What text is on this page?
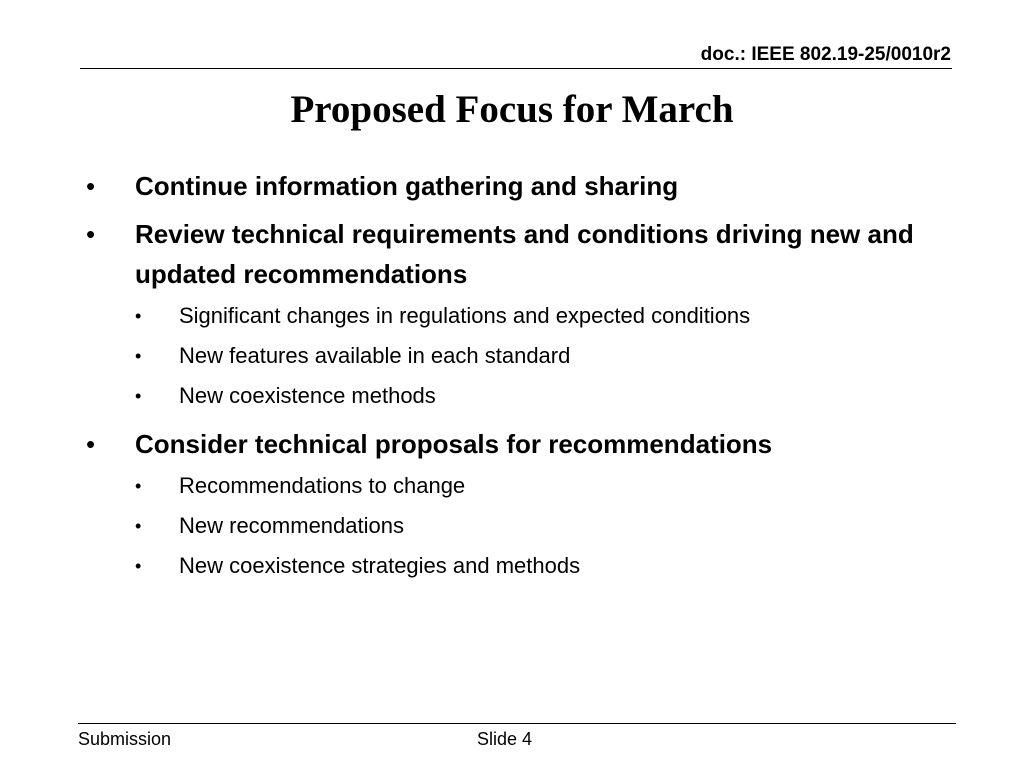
doc.: IEEE 802.19-25/0010r2
Proposed Focus for March
• Continue information gathering and sharing
• Review technical requirements and conditions driving new and updated recommendations
• Significant changes in regulations and expected conditions
• New features available in each standard
• New coexistence methods
• Consider technical proposals for recommendations
• Recommendations to change
• New recommendations
• New coexistence strategies and methods
Submission	Slide 4
